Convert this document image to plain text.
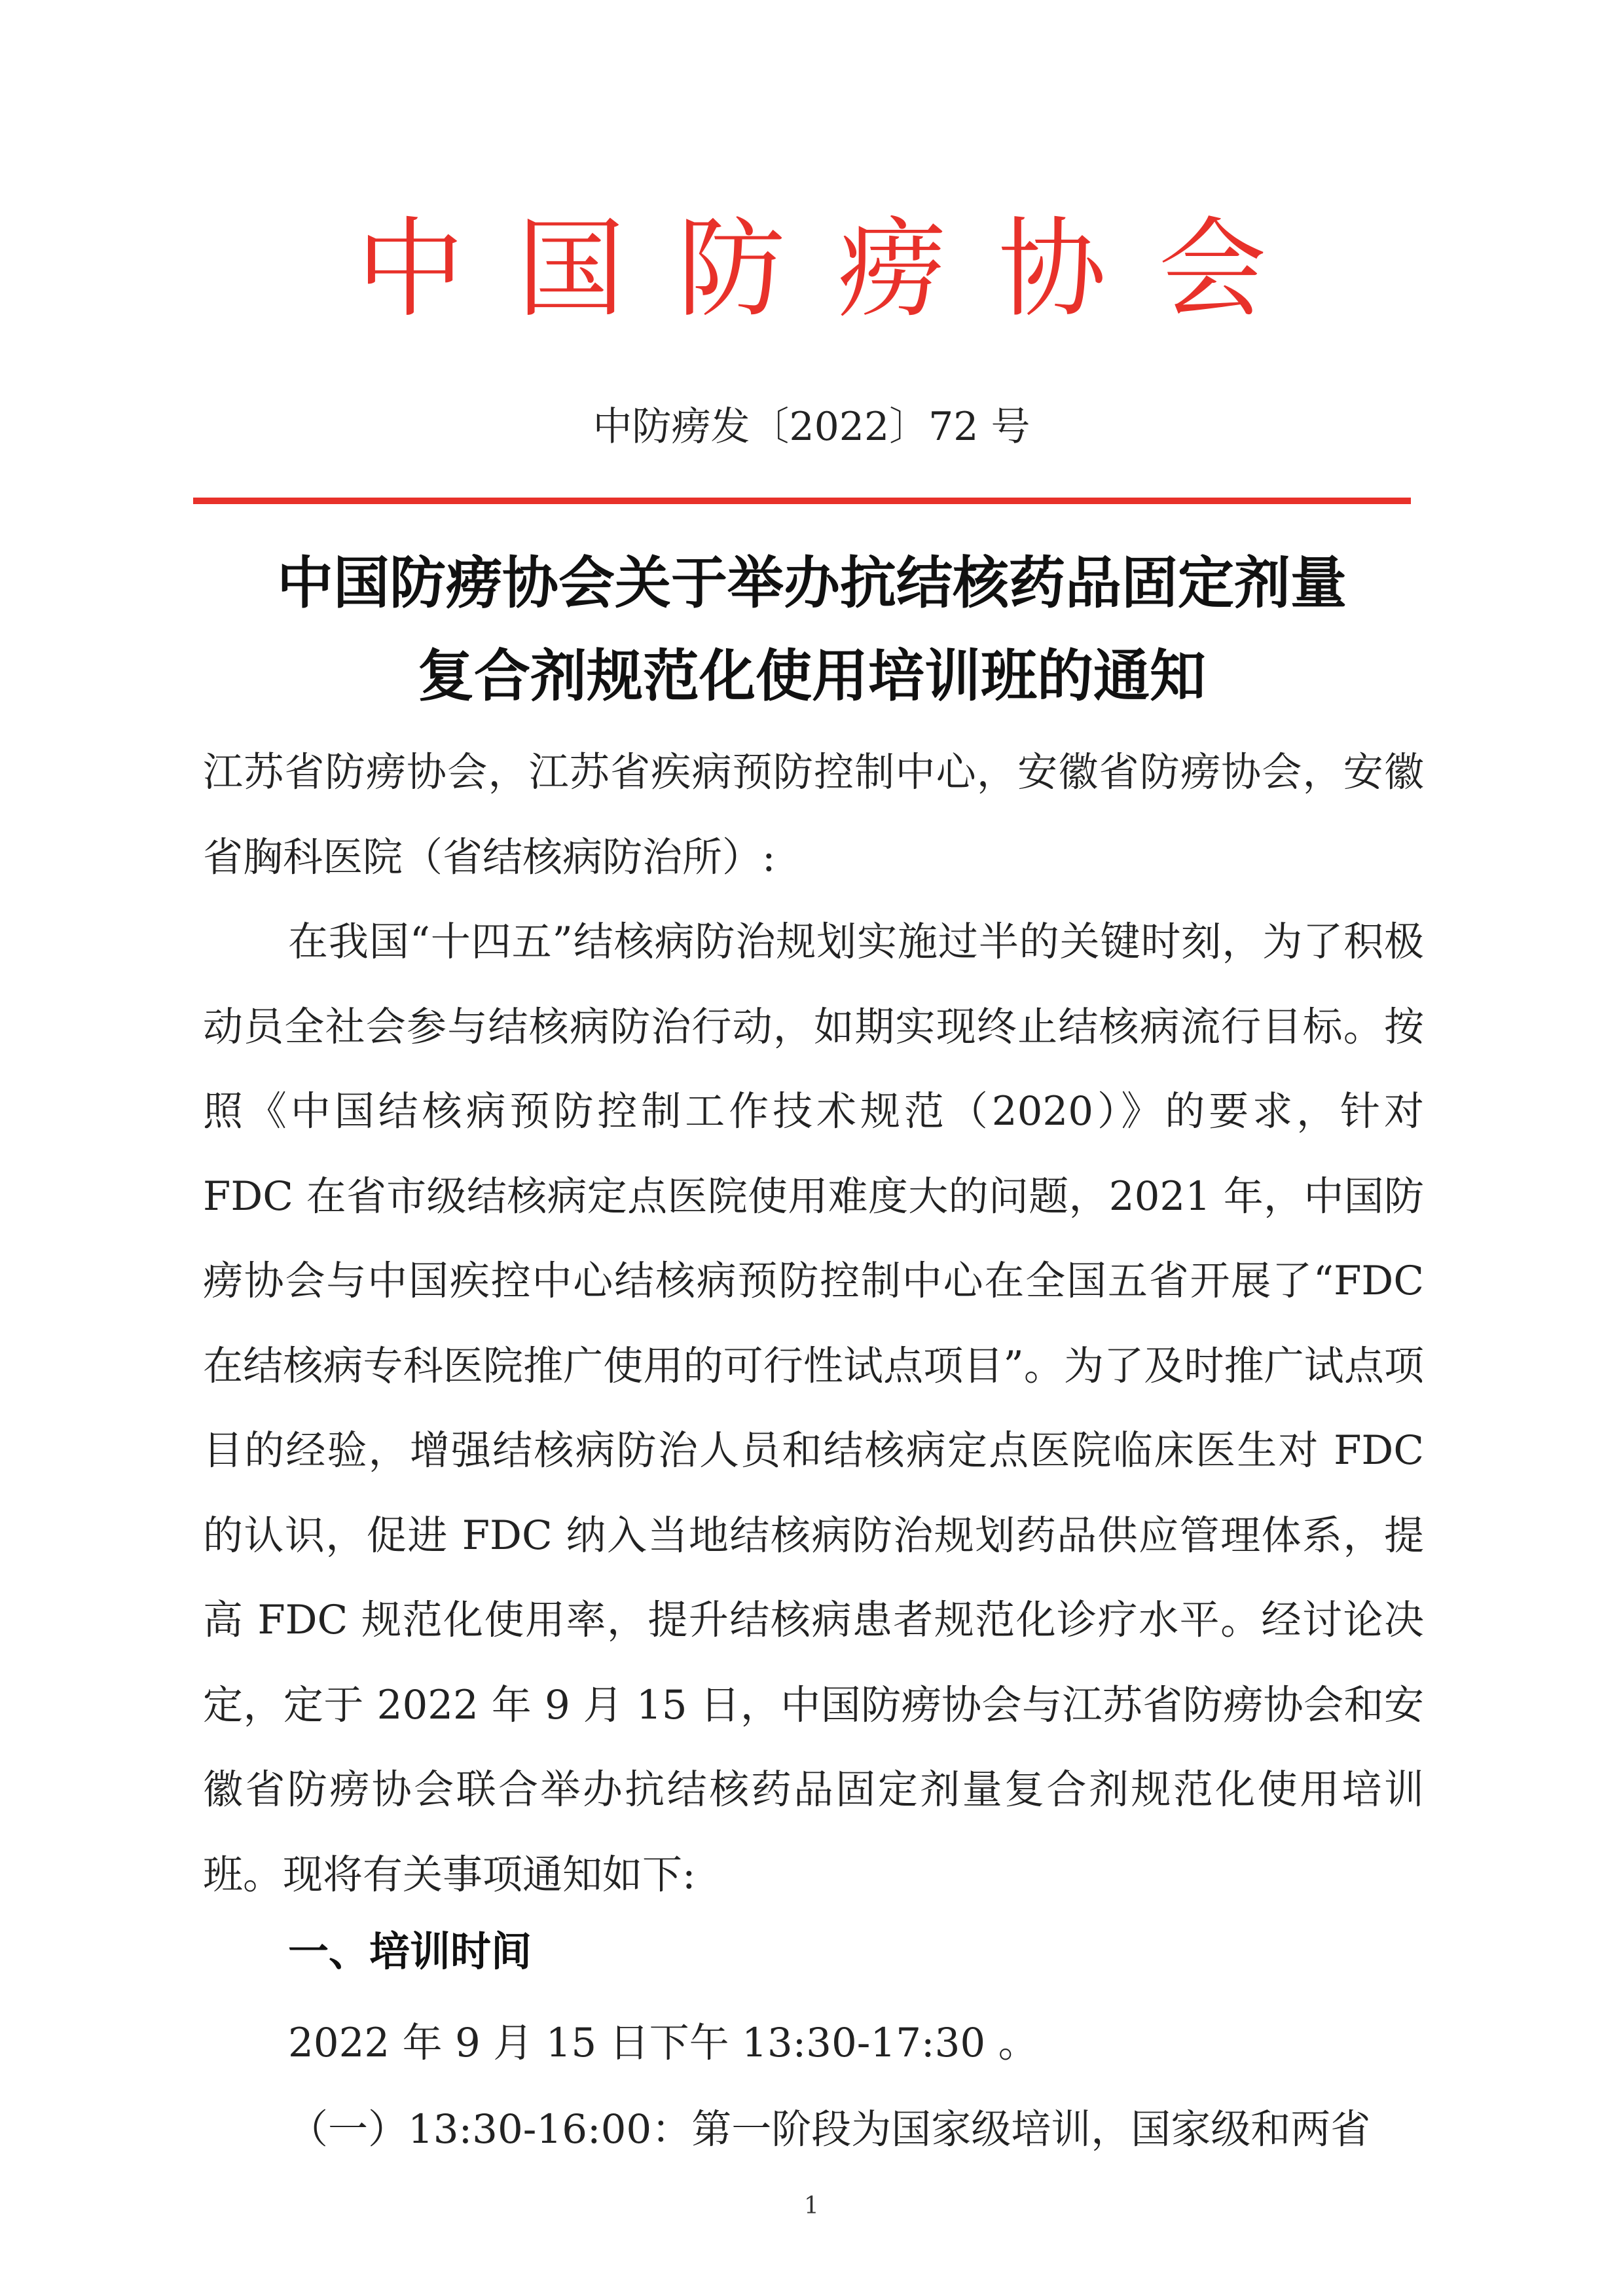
中国防痨协会
中防痨发〔2022〕72 号
中国防痨协会关于举办抗结核药品固定剂量
复合剂规范化使用培训班的通知
江苏省防痨协会，江苏省疾病预防控制中心，安徽省防痨协会，安徽省胸科医院（省结核病防治所）:
在我国“十四五”结核病防治规划实施过半的关键时刻，为了积极动员全社会参与结核病防治行动，如期实现终止结核病流行目标。按照《中国结核病预防控制工作技术规范（2020）》的要求，针对 FDC 在省市级结核病定点医院使用难度大的问题，2021 年，中国防痨协会与中国疾控中心结核病预防控制中心在全国五省开展了“FDC 在结核病专科医院推广使用的可行性试点项目”。为了及时推广试点项目的经验，增强结核病防治人员和结核病定点医院临床医生对 FDC 的认识，促进 FDC 纳入当地结核病防治规划药品供应管理体系，提高 FDC 规范化使用率，提升结核病患者规范化诊疗水平。经讨论决定，定于 2022 年 9 月 15 日，中国防痨协会与江苏省防痨协会和安徽省防痨协会联合举办抗结核药品固定剂量复合剂规范化使用培训班。现将有关事项通知如下:
一、培训时间
2022 年 9 月 15 日下午 13:30-17:30 。
（一）13:30-16:00：第一阶段为国家级培训，国家级和两省
1
